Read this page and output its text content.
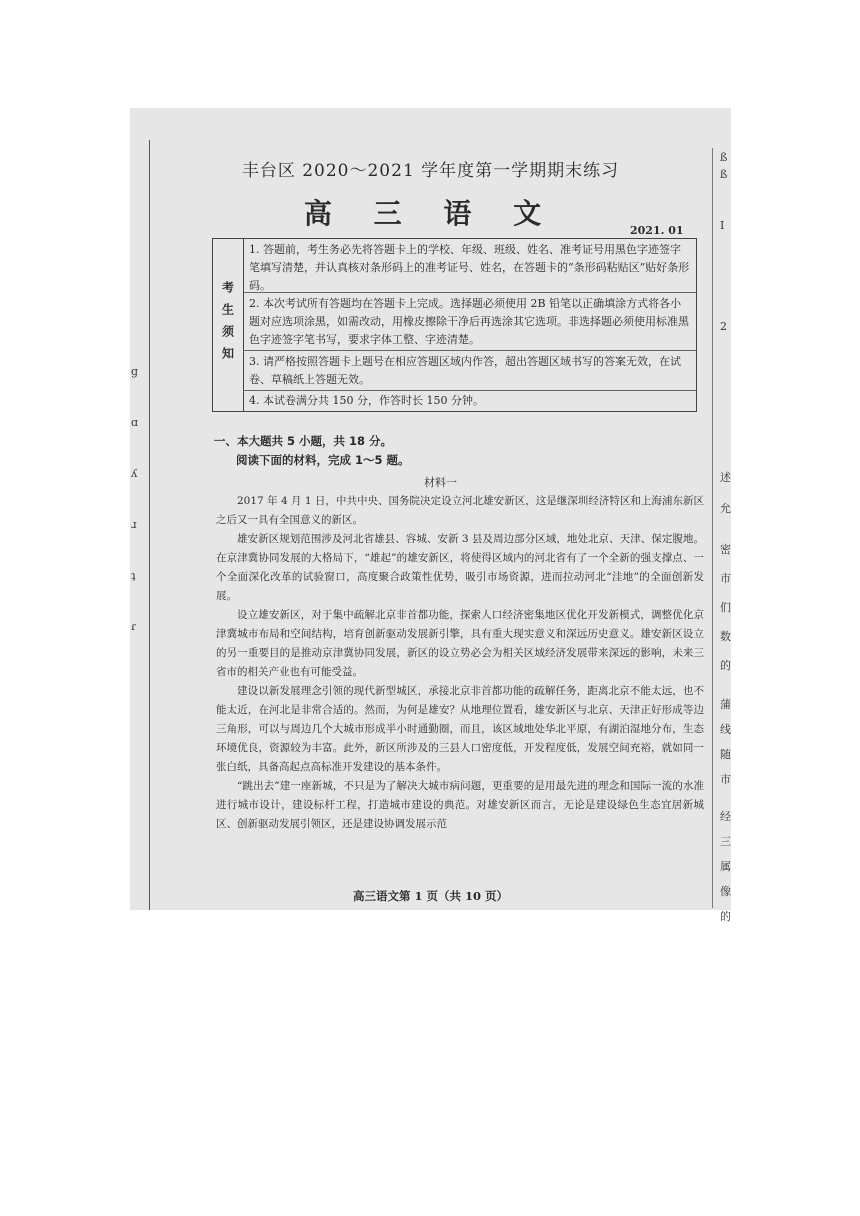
g
ɑ
ʎ
ɹ
ʇ
ɾ
ß
ß
I
2
述
允
密
市
们
数
的
蒲
线
随
市
经
三
属
像
的
丰台区 2020～2021 学年度第一学期期末练习
高 三 语 文
2021. 01
考生须知
1. 答题前，考生务必先将答题卡上的学校、年级、班级、姓名、准考证号用黑色字迹签字笔填写清楚，并认真核对条形码上的准考证号、姓名，在答题卡的“条形码粘贴区”贴好条形码。
2. 本次考试所有答题均在答题卡上完成。选择题必须使用 2B 铅笔以正确填涂方式将各小题对应选项涂黑，如需改动，用橡皮擦除干净后再选涂其它选项。非选择题必须使用标准黑色字迹签字笔书写，要求字体工整、字迹清楚。
3. 请严格按照答题卡上题号在相应答题区域内作答，超出答题区域书写的答案无效，在试卷、草稿纸上答题无效。
4. 本试卷满分共 150 分，作答时长 150 分钟。
一、本大题共 5 小题，共 18 分。
阅读下面的材料，完成 1～5 题。
材料一

2017 年 4 月 1 日，中共中央、国务院决定设立河北雄安新区，这是继深圳经济特区和上海浦东新区之后又一具有全国意义的新区。

雄安新区规划范围涉及河北省雄县、容城、安新 3 县及周边部分区域，地处北京、天津、保定腹地。在京津冀协同发展的大格局下，“雄起”的雄安新区，将使得区域内的河北省有了一个全新的强支撑点、一个全面深化改革的试验窗口，高度聚合政策性优势，吸引市场资源，进而拉动河北“洼地”的全面创新发展。

设立雄安新区，对于集中疏解北京非首都功能，探索人口经济密集地区优化开发新模式，调整优化京津冀城市布局和空间结构，培育创新驱动发展新引擎，具有重大现实意义和深远历史意义。雄安新区设立的另一重要目的是推动京津冀协同发展，新区的设立势必会为相关区域经济发展带来深远的影响，未来三省市的相关产业也有可能受益。

建设以新发展理念引领的现代新型城区，承接北京非首都功能的疏解任务，距离北京不能太远，也不能太近，在河北是非常合适的。然而，为何是雄安？从地理位置看，雄安新区与北京、天津正好形成等边三角形，可以与周边几个大城市形成半小时通勤圈，而且，该区域地处华北平原，有湖泊湿地分布，生态环境优良，资源较为丰富。此外，新区所涉及的三县人口密度低，开发程度低，发展空间充裕，就如同一张白纸，具备高起点高标准开发建设的基本条件。

“跳出去”建一座新城，不只是为了解决大城市病问题，更重要的是用最先进的理念和国际一流的水准进行城市设计，建设标杆工程，打造城市建设的典范。对雄安新区而言，无论是建设绿色生态宜居新城区、创新驱动发展引领区，还是建设协调发展示范

高三语文第 1 页（共 10 页）
